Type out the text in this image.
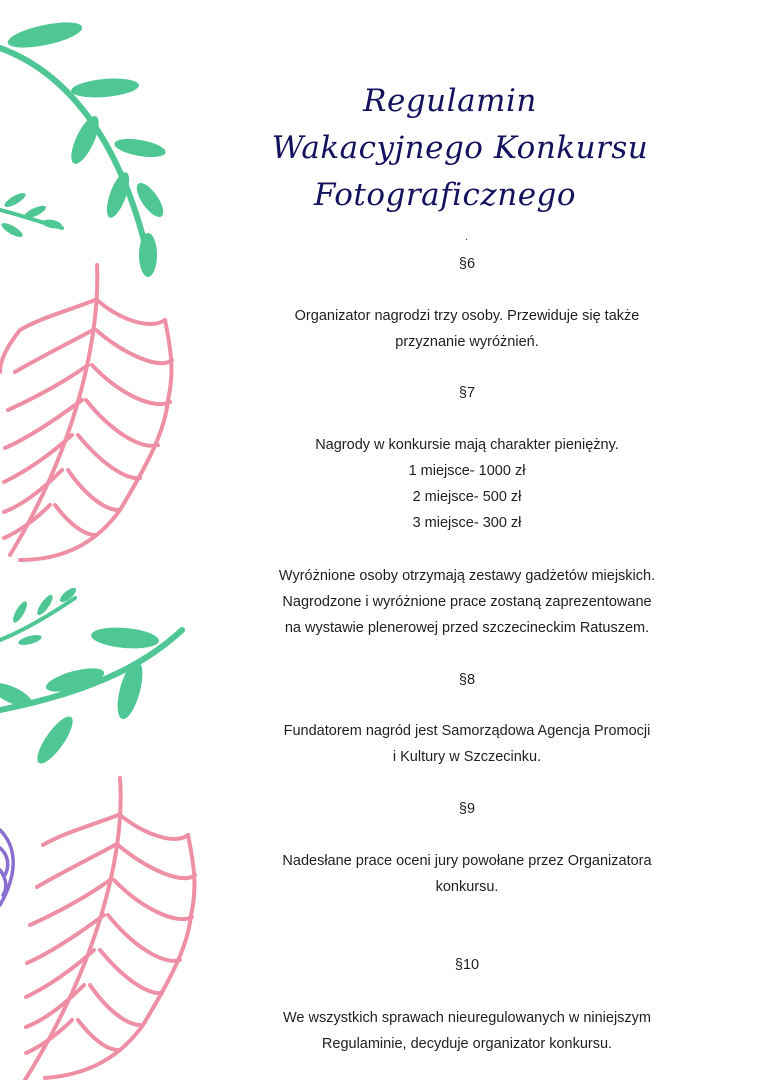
Regulamin
Wakacyjnego Konkursu
Fotograficznego
.
§6
Organizator nagrodzi trzy osoby. Przewiduje się także
przyznanie wyróżnień.
§7
Nagrody w konkursie mają charakter pieniężny.
1 miejsce- 1000 zł
2 miejsce- 500 zł
3 miejsce- 300 zł
Wyróżnione osoby otrzymają zestawy gadżetów miejskich.
Nagrodzone i wyróżnione prace zostaną zaprezentowane
na wystawie plenerowej przed szczecineckim Ratuszem.
§8
Fundatorem nagród jest Samorządowa Agencja Promocji
i Kultury w Szczecinku.
§9
Nadesłane prace oceni jury powołane przez Organizatora
konkursu.
§10
We wszystkich sprawach nieuregulowanych w niniejszym
Regulaminie, decyduje organizator konkursu.
